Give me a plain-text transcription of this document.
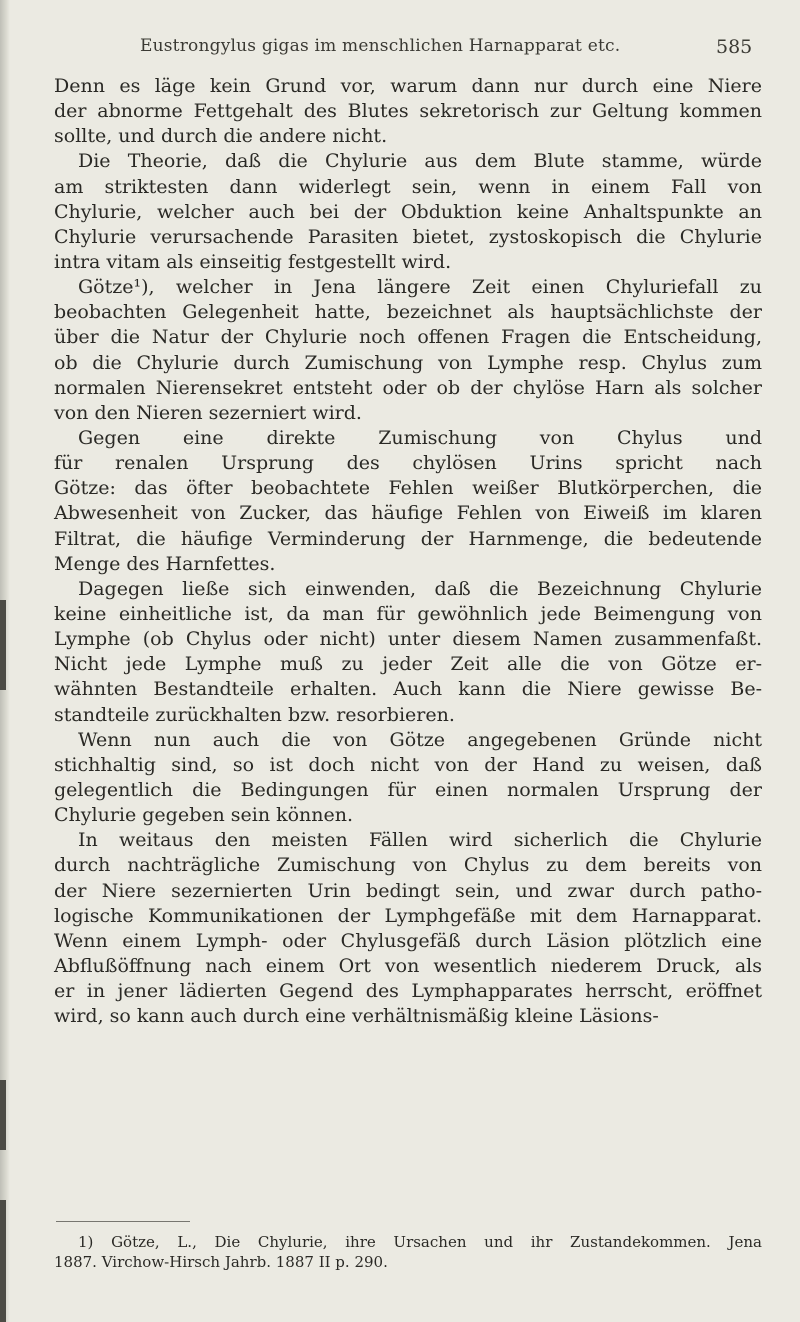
Eustrongylus gigas im menschlichen Harnapparat etc.	585
Denn es läge kein Grund vor, warum dann nur durch eine Niere
der abnorme Fettgehalt des Blutes sekretorisch zur Geltung kommen
sollte, und durch die andere nicht.
Die Theorie, daß die Chylurie aus dem Blute stamme, würde
am striktesten dann widerlegt sein, wenn in einem Fall von
Chylurie, welcher auch bei der Obduktion keine Anhaltspunkte an
Chylurie verursachende Parasiten bietet, zystoskopisch die Chylurie
intra vitam als einseitig festgestellt wird.
Götze¹), welcher in Jena längere Zeit einen Chyluriefall zu
beobachten Gelegenheit hatte, bezeichnet als hauptsächlichste der
über die Natur der Chylurie noch offenen Fragen die Entscheidung,
ob die Chylurie durch Zumischung von Lymphe resp. Chylus zum
normalen Nierensekret entsteht oder ob der chylöse Harn als solcher
von den Nieren sezerniert wird.
Gegen eine direkte Zumischung von Chylus und
für renalen Ursprung des chylösen Urins spricht nach
Götze: das öfter beobachtete Fehlen weißer Blutkörperchen, die
Abwesenheit von Zucker, das häufige Fehlen von Eiweiß im klaren
Filtrat, die häufige Verminderung der Harnmenge, die bedeutende
Menge des Harnfettes.
Dagegen ließe sich einwenden, daß die Bezeichnung Chylurie
keine einheitliche ist, da man für gewöhnlich jede Beimengung von
Lymphe (ob Chylus oder nicht) unter diesem Namen zusammenfaßt.
Nicht jede Lymphe muß zu jeder Zeit alle die von Götze er-
wähnten Bestandteile erhalten. Auch kann die Niere gewisse Be-
standteile zurückhalten bzw. resorbieren.
Wenn nun auch die von Götze angegebenen Gründe nicht
stichhaltig sind, so ist doch nicht von der Hand zu weisen, daß
gelegentlich die Bedingungen für einen normalen Ursprung der
Chylurie gegeben sein können.
In weitaus den meisten Fällen wird sicherlich die Chylurie
durch nachträgliche Zumischung von Chylus zu dem bereits von
der Niere sezernierten Urin bedingt sein, und zwar durch patho-
logische Kommunikationen der Lymphgefäße mit dem Harnapparat.
Wenn einem Lymph- oder Chylusgefäß durch Läsion plötzlich eine
Abflußöffnung nach einem Ort von wesentlich niederem Druck, als
er in jener lädierten Gegend des Lymphapparates herrscht, eröffnet
wird, so kann auch durch eine verhältnismäßig kleine Läsions-
1) Götze, L., Die Chylurie, ihre Ursachen und ihr Zustandekommen. Jena
1887. Virchow-Hirsch Jahrb. 1887 II p. 290.
